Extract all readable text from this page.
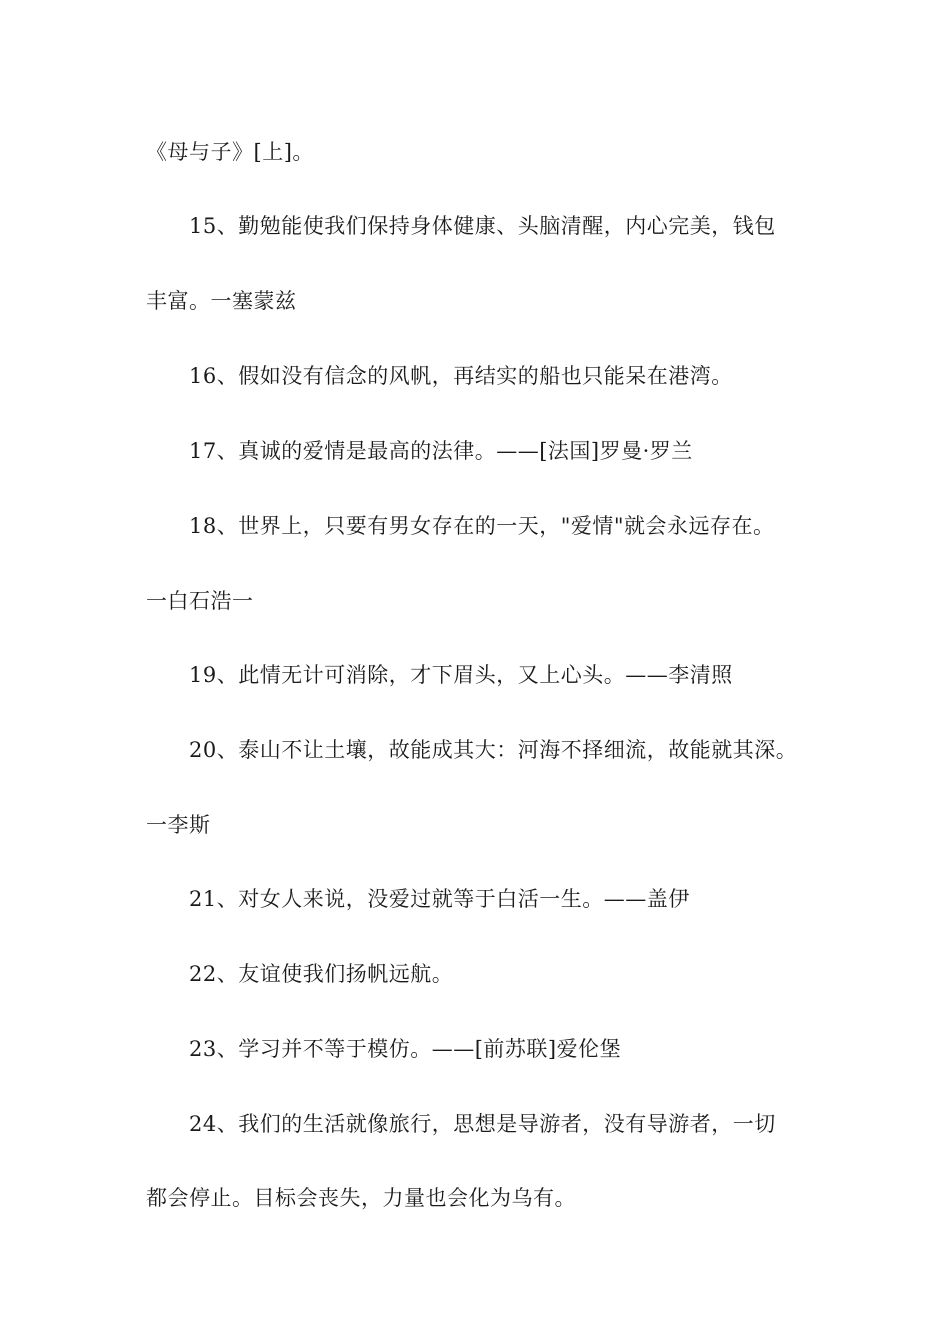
《母与子》[上]。
15、勤勉能使我们保持身体健康、头脑清醒，内心完美，钱包
丰富。一塞蒙兹
16、假如没有信念的风帆，再结实的船也只能呆在港湾。
17、真诚的爱情是最高的法律。——[法国]罗曼·罗兰
18、世界上，只要有男女存在的一天，"爱情"就会永远存在。
一白石浩一
19、此情无计可消除，才下眉头，又上心头。——李清照
20、泰山不让土壤，故能成其大：河海不择细流，故能就其深。
一李斯
21、对女人来说，没爱过就等于白活一生。——盖伊
22、友谊使我们扬帆远航。
23、学习并不等于模仿。——[前苏联]爱伦堡
24、我们的生活就像旅行，思想是导游者，没有导游者，一切
都会停止。目标会丧失，力量也会化为乌有。
